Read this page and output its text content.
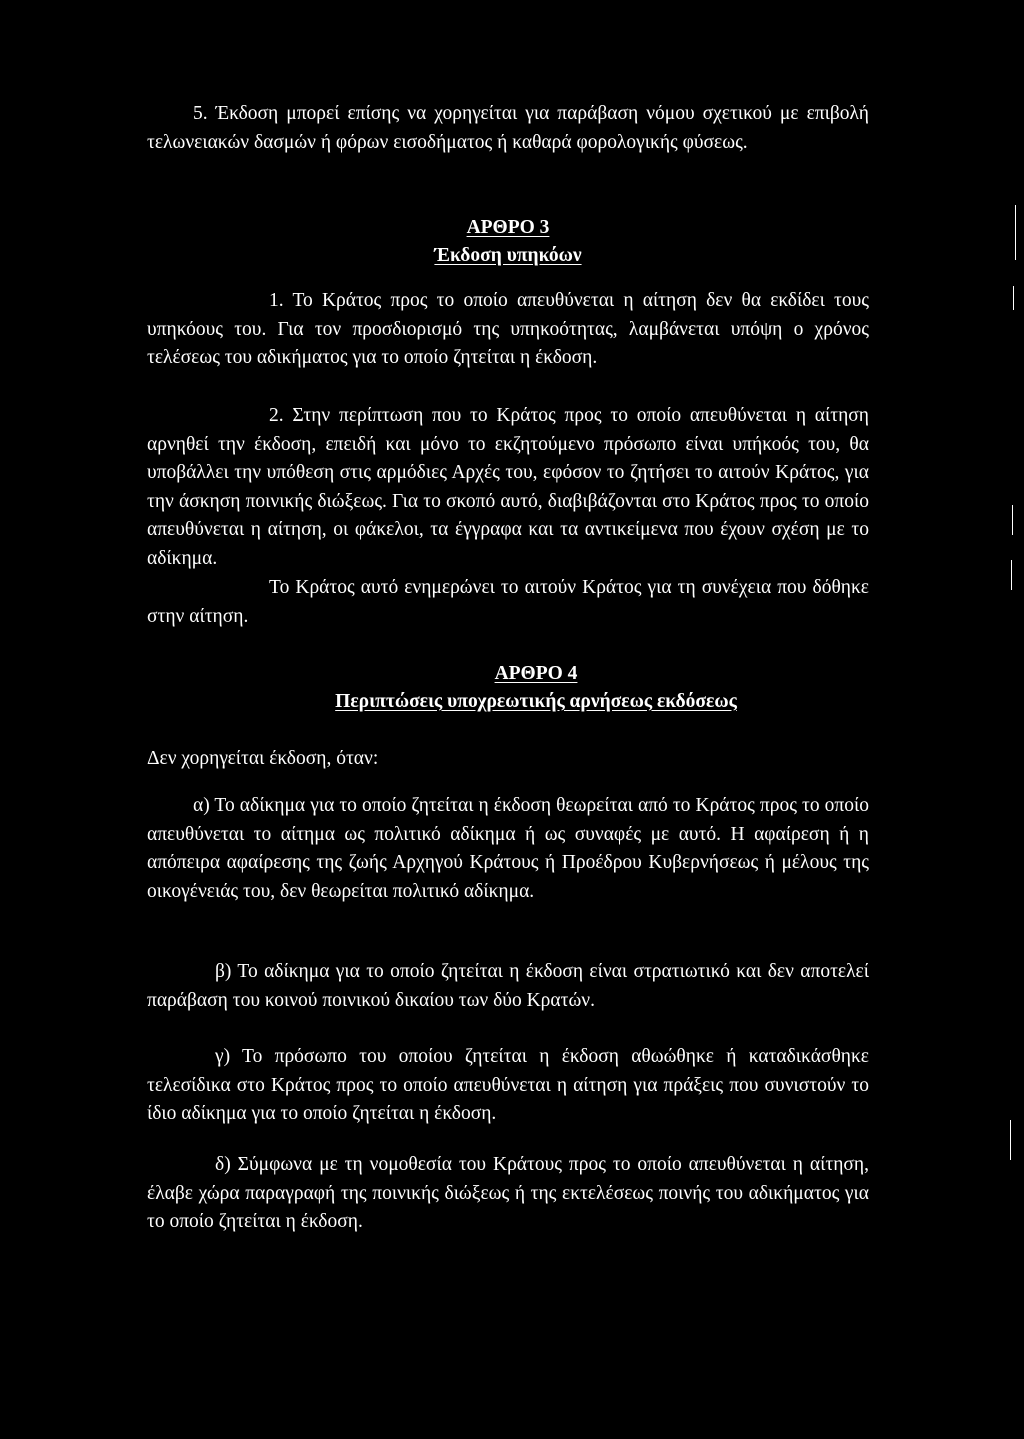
5. Έκδοση μπορεί επίσης να χορηγείται για παράβαση νόμου σχετικού με επιβολή τελωνειακών δασμών ή φόρων εισοδήματος ή καθαρά φορολογικής φύσεως.

ΑΡΘΡΟ 3

Έκδοση υπηκόων

1. Το Κράτος προς το οποίο απευθύνεται η αίτηση δεν θα εκδίδει τους υπηκόους του. Για τον προσδιορισμό της υπηκοότητας, λαμβάνεται υπόψη ο χρόνος τελέσεως του αδικήματος για το οποίο ζητείται η έκδοση.

2. Στην περίπτωση που το Κράτος προς το οποίο απευθύνεται η αίτηση αρνηθεί την έκδοση, επειδή και μόνο το εκζητούμενο πρόσωπο είναι υπήκοός του, θα υποβάλλει την υπόθεση στις αρμόδιες Αρχές του, εφόσον το ζητήσει το αιτούν Κράτος, για την άσκηση ποινικής διώξεως. Για το σκοπό αυτό, διαβιβάζονται στο Κράτος προς το οποίο απευθύνεται η αίτηση, οι φάκελοι, τα έγγραφα και τα αντικείμενα που έχουν σχέση με το αδίκημα.

Το Κράτος αυτό ενημερώνει το αιτούν Κράτος για τη συνέχεια που δόθηκε στην αίτηση.

ΑΡΘΡΟ 4

Περιπτώσεις υποχρεωτικής αρνήσεως εκδόσεως

Δεν χορηγείται έκδοση, όταν:

α) Το αδίκημα για το οποίο ζητείται η έκδοση θεωρείται από το Κράτος προς το οποίο απευθύνεται το αίτημα ως πολιτικό αδίκημα ή ως συναφές με αυτό. Η αφαίρεση ή η απόπειρα αφαίρεσης της ζωής Αρχηγού Κράτους ή Προέδρου Κυβερνήσεως ή μέλους της οικογένειάς του, δεν θεωρείται πολιτικό αδίκημα.

β) Το αδίκημα για το οποίο ζητείται η έκδοση είναι στρατιωτικό και δεν αποτελεί παράβαση του κοινού ποινικού δικαίου των δύο Κρατών.

γ) Το πρόσωπο του οποίου ζητείται η έκδοση αθωώθηκε ή καταδικάσθηκε τελεσίδικα στο Κράτος προς το οποίο απευθύνεται η αίτηση για πράξεις που συνιστούν το ίδιο αδίκημα για το οποίο ζητείται η έκδοση.

δ) Σύμφωνα με τη νομοθεσία του Κράτους προς το οποίο απευθύνεται η αίτηση, έλαβε χώρα παραγραφή της ποινικής διώξεως ή της εκτελέσεως ποινής του αδικήματος για το οποίο ζητείται η έκδοση.
